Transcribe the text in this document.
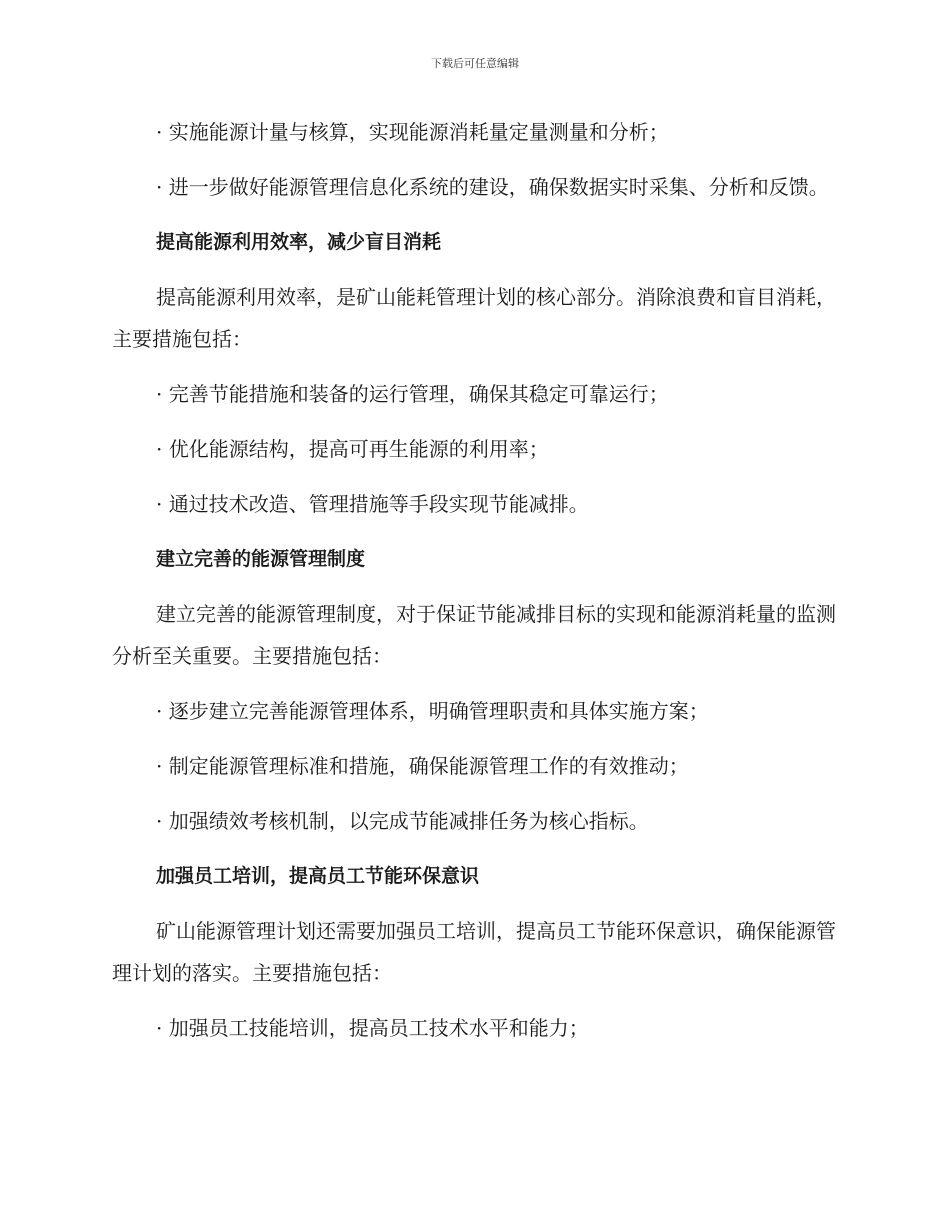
下载后可任意编辑

· 实施能源计量与核算，实现能源消耗量定量测量和分析；

· 进一步做好能源管理信息化系统的建设，确保数据实时采集、分析和反馈。

提高能源利用效率，减少盲目消耗

提高能源利用效率，是矿山能耗管理计划的核心部分。消除浪费和盲目消耗，主要措施包括：

· 完善节能措施和装备的运行管理，确保其稳定可靠运行；

· 优化能源结构，提高可再生能源的利用率；

· 通过技术改造、管理措施等手段实现节能减排。

建立完善的能源管理制度

建立完善的能源管理制度，对于保证节能减排目标的实现和能源消耗量的监测分析至关重要。主要措施包括：

· 逐步建立完善能源管理体系，明确管理职责和具体实施方案；

· 制定能源管理标准和措施，确保能源管理工作的有效推动；

· 加强绩效考核机制，以完成节能减排任务为核心指标。

加强员工培训，提高员工节能环保意识

矿山能源管理计划还需要加强员工培训，提高员工节能环保意识，确保能源管理计划的落实。主要措施包括：

· 加强员工技能培训，提高员工技术水平和能力；
